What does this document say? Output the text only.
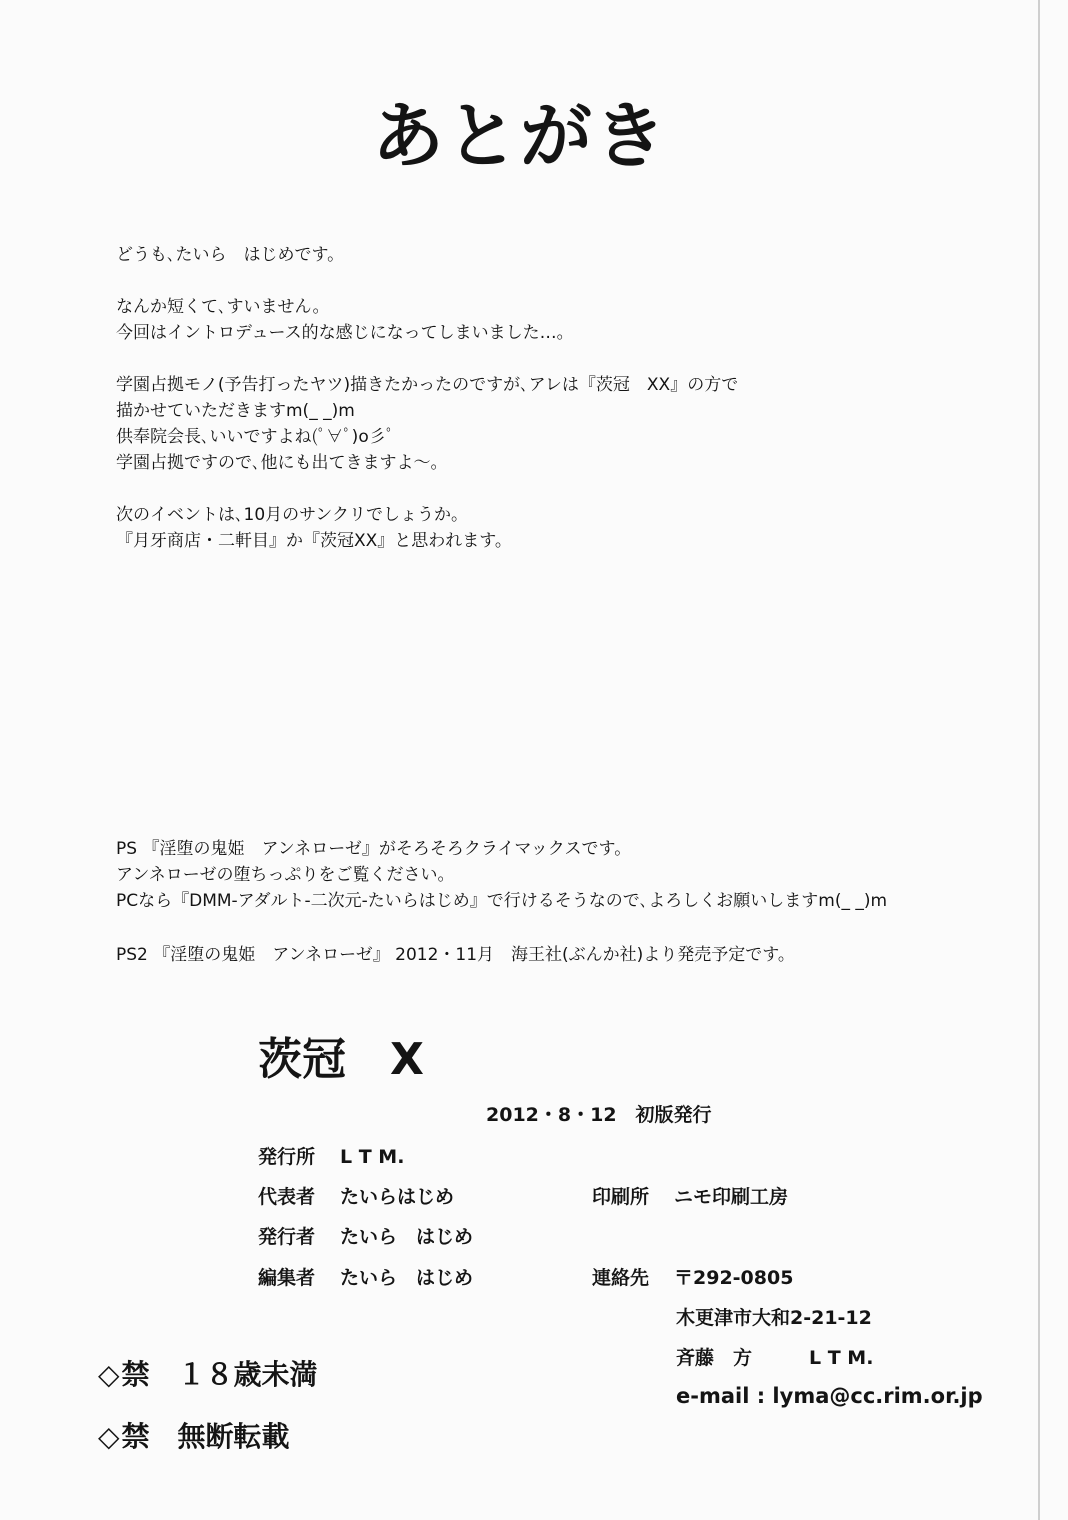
あとがき

どうも､たいら　はじめです。

なんか短くて､すいません。

今回はイントロデュース的な感じになってしまいました…。

学園占拠モノ(予告打ったヤツ)描きたかったのですが､アレは『茨冠　XX』の方で

描かせていただきますm(_ _)m

供奉院会長､いいですよね(ﾟ∀ﾟ)o彡ﾟ

学園占拠ですので､他にも出てきますよ〜。

次のイベントは､10月のサンクリでしょうか。

『月牙商店・二軒目』か『茨冠XX』と思われます。

PS 『淫堕の鬼姫　アンネローゼ』がそろそろクライマックスです。

アンネローゼの堕ちっぷりをご覧ください。

PCなら『DMM-アダルト-二次元-たいらはじめ』で行けるそうなので､よろしくお願いしますm(_ _)m

PS2 『淫堕の鬼姫　アンネローゼ』 2012・11月　海王社(ぶんか社)より発売予定です。
茨冠　X
2012・8・12　初版発行
発行所 L T M.
代表者 たいらはじめ
発行者 たいら　はじめ
編集者 たいら　はじめ
印刷所 ニモ印刷工房
連絡先 〒292-0805
木更津市大和2-21-12
斉藤　方　　　L T M.
e-mail : lyma@cc.rim.or.jp
◇禁　１８歳未満
◇禁　無断転載
